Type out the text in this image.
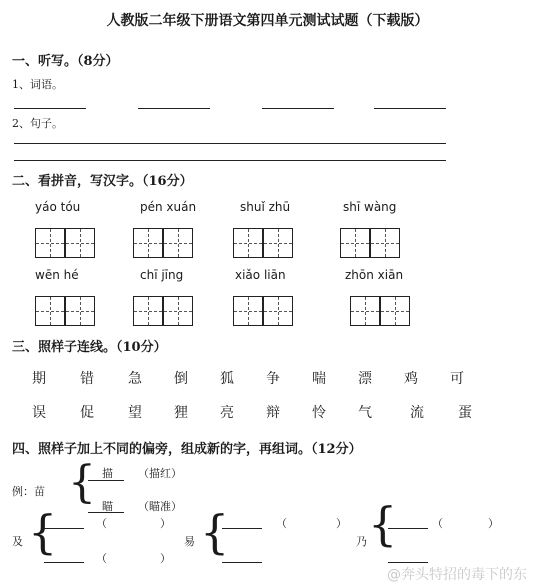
人教版二年级下册语文第四单元测试试题（下载版）
一、听写。（8分）
1、词语。
2、句子。
二、看拼音，写汉字。（16分）
yáo tóu	pén xuán	shuǐ zhū	shī wàng
wēn hé	chī jīng	xiǎo liān	zhōn xiān
三、照样子连线。（10分）
期 错 急 倒 狐 争 喘 漂 鸡 可
误 促 望 狸 亮 辩 怜 气	流 蛋
四、照样子加上不同的偏旁，组成新的字，再组词。（12分）
例：苗 { 描 （描红）
瞄 （瞄准）
及 {	（	）
（	）
易 {	（	）
乃 {	（	）
@奔头特招的毒下的东
